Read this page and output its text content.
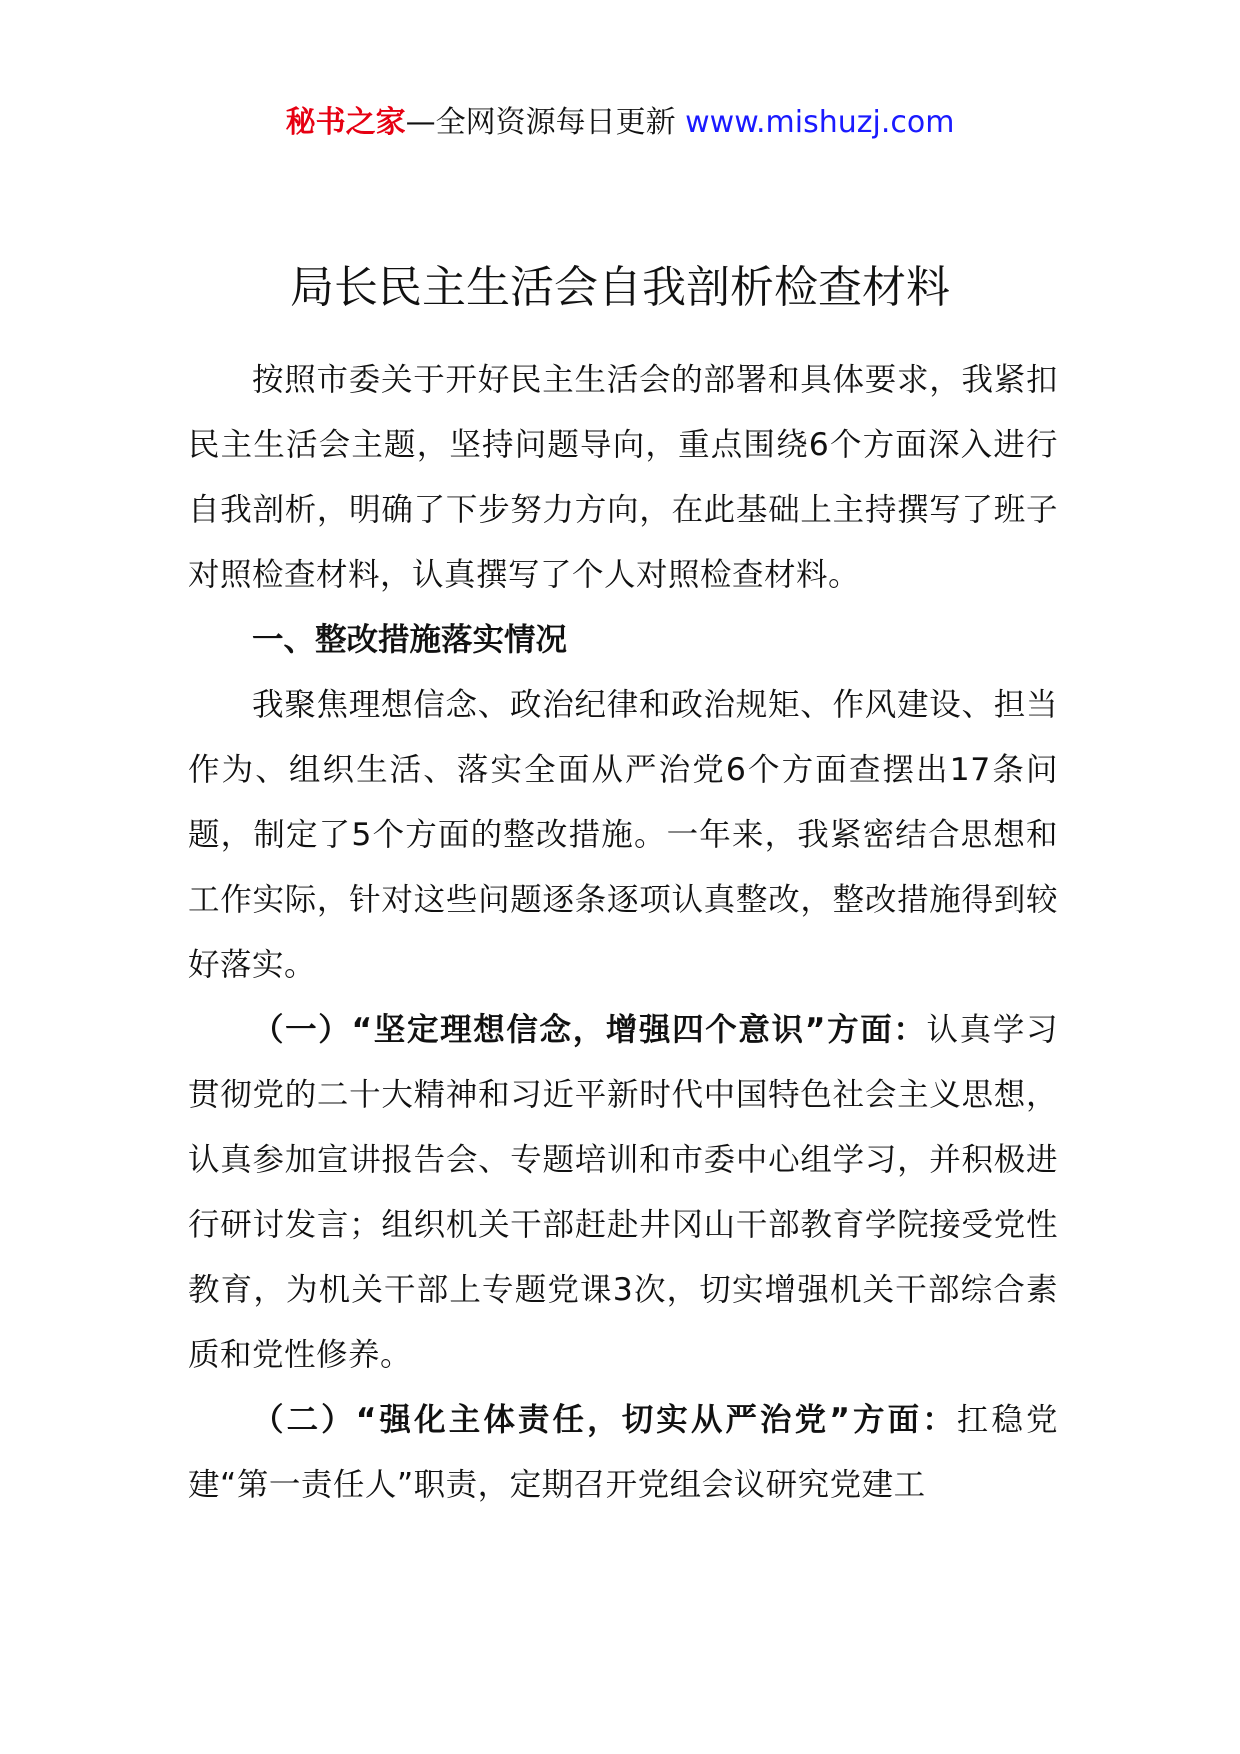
秘书之家—全网资源每日更新 www.mishuzj.com
局长民主生活会自我剖析检查材料

按照市委关于开好民主生活会的部署和具体要求，我紧扣民主生活会主题，坚持问题导向，重点围绕6个方面深入进行自我剖析，明确了下步努力方向，在此基础上主持撰写了班子对照检查材料，认真撰写了个人对照检查材料。

一、整改措施落实情况

我聚焦理想信念、政治纪律和政治规矩、作风建设、担当作为、组织生活、落实全面从严治党6个方面查摆出17条问题，制定了5个方面的整改措施。一年来，我紧密结合思想和工作实际，针对这些问题逐条逐项认真整改，整改措施得到较好落实。

（一）“坚定理想信念，增强四个意识”方面：认真学习贯彻党的二十大精神和习近平新时代中国特色社会主义思想，认真参加宣讲报告会、专题培训和市委中心组学习，并积极进行研讨发言；组织机关干部赶赴井冈山干部教育学院接受党性教育，为机关干部上专题党课3次，切实增强机关干部综合素质和党性修养。

（二）“强化主体责任，切实从严治党”方面：扛稳党建“第一责任人”职责，定期召开党组会议研究党建工
